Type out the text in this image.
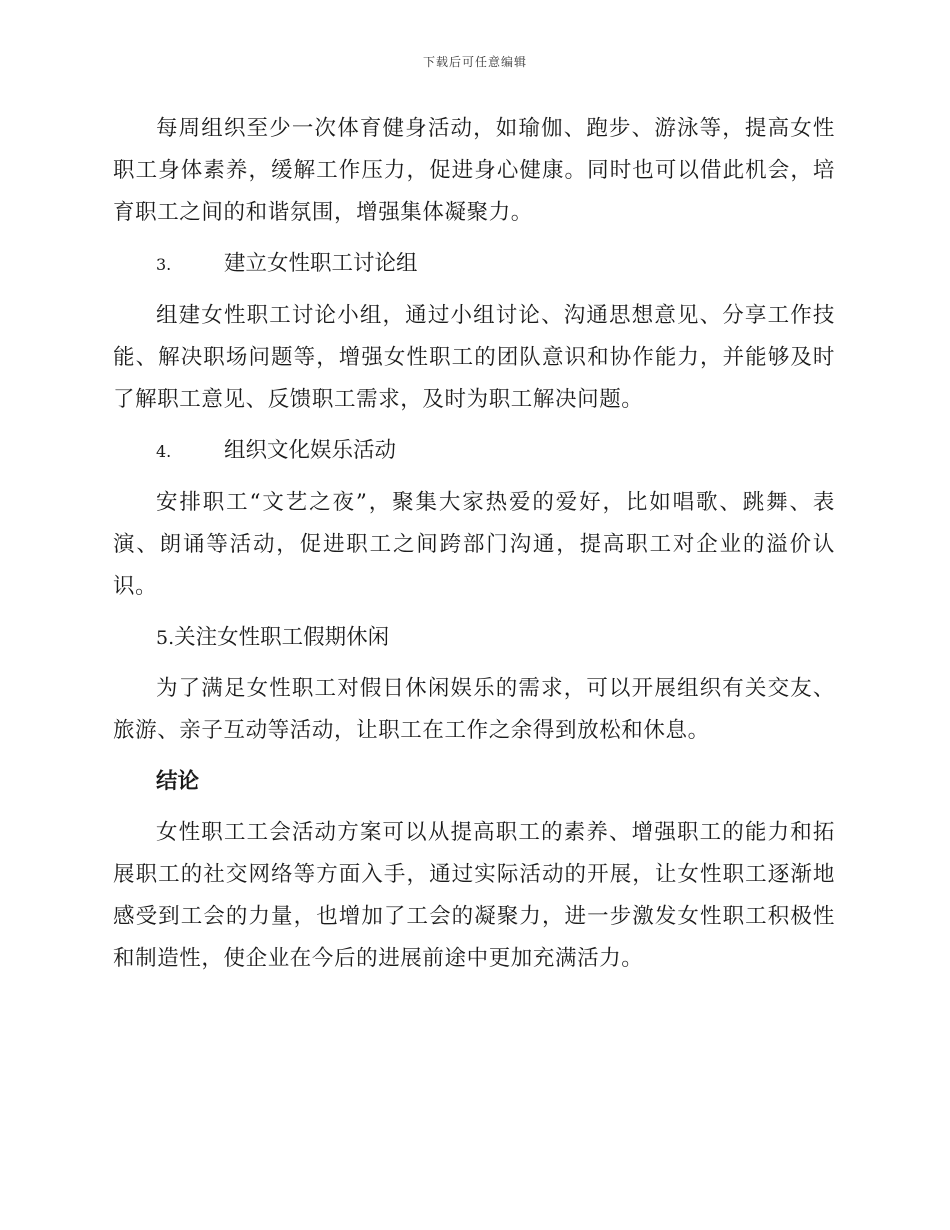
下载后可任意编辑

每周组织至少一次体育健身活动，如瑜伽、跑步、游泳等，提高女性职工身体素养，缓解工作压力，促进身心健康。同时也可以借此机会，培育职工之间的和谐氛围，增强集体凝聚力。

3. 建立女性职工讨论组

组建女性职工讨论小组，通过小组讨论、沟通思想意见、分享工作技能、解决职场问题等，增强女性职工的团队意识和协作能力，并能够及时了解职工意见、反馈职工需求，及时为职工解决问题。

4. 组织文化娱乐活动

安排职工“文艺之夜”，聚集大家热爱的爱好，比如唱歌、跳舞、表演、朗诵等活动，促进职工之间跨部门沟通，提高职工对企业的溢价认识。

5.关注女性职工假期休闲

为了满足女性职工对假日休闲娱乐的需求，可以开展组织有关交友、旅游、亲子互动等活动，让职工在工作之余得到放松和休息。

结论

女性职工工会活动方案可以从提高职工的素养、增强职工的能力和拓展职工的社交网络等方面入手，通过实际活动的开展，让女性职工逐渐地感受到工会的力量，也增加了工会的凝聚力，进一步激发女性职工积极性和制造性，使企业在今后的进展前途中更加充满活力。
